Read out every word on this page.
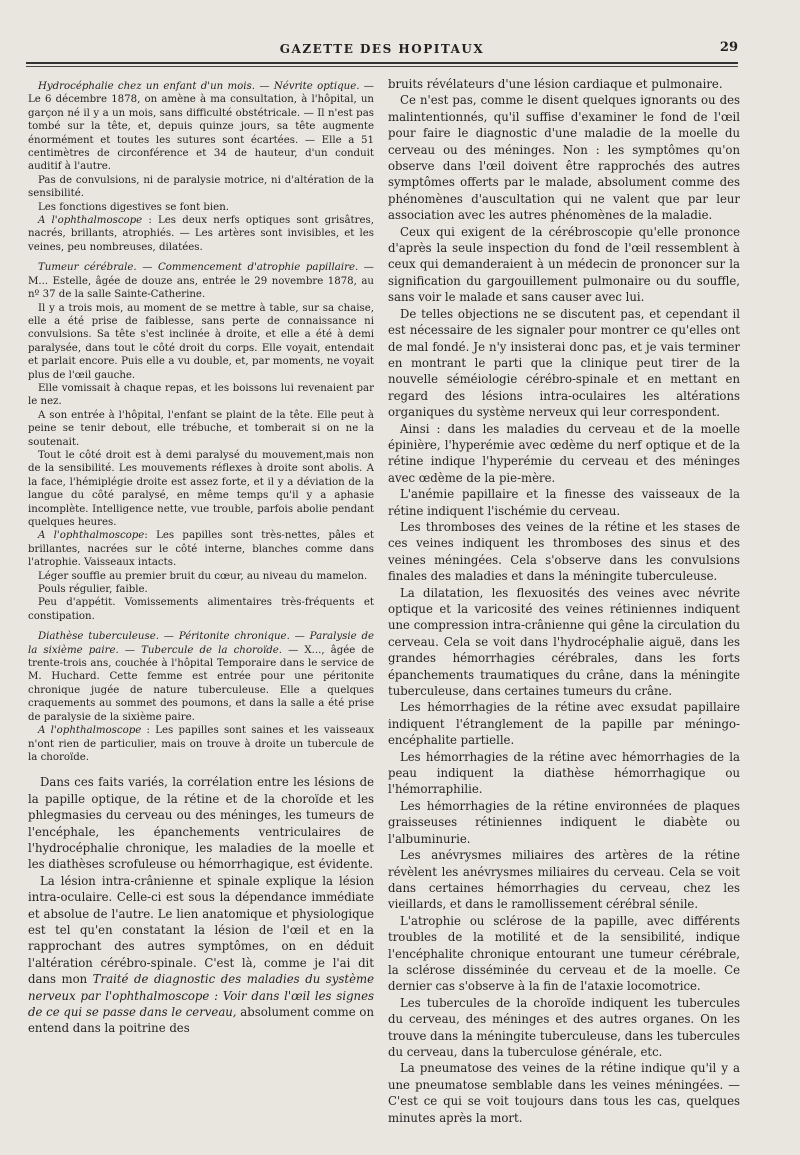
GAZETTE DES HOPITAUX	29

Hydrocéphalie chez un enfant d'un mois. — Névrite optique. — Le 6 décembre 1878, on amène à ma consultation, à l'hôpital, un garçon né il y a un mois, sans difficulté obstétricale. — Il n'est pas tombé sur la tête, et, depuis quinze jours, sa tête augmente énormément et toutes les sutures sont écartées. — Elle a 51 centimètres de circonférence et 34 de hauteur, d'un conduit auditif à l'autre.

Pas de convulsions, ni de paralysie motrice, ni d'altération de la sensibilité.

Les fonctions digestives se font bien.

A l'ophthalmoscope : Les deux nerfs optiques sont grisâtres, nacrés, brillants, atrophiés. — Les artères sont invisibles, et les veines, peu nombreuses, dilatées.

Tumeur cérébrale. — Commencement d'atrophie papillaire. — M... Estelle, âgée de douze ans, entrée le 29 novembre 1878, au nº 37 de la salle Sainte-Catherine.

Il y a trois mois, au moment de se mettre à table, sur sa chaise, elle a été prise de faiblesse, sans perte de connaissance ni convulsions. Sa tête s'est inclinée à droite, et elle a été à demi paralysée, dans tout le côté droit du corps. Elle voyait, entendait et parlait encore. Puis elle a vu double, et, par moments, ne voyait plus de l'œil gauche.

Elle vomissait à chaque repas, et les boissons lui revenaient par le nez.

A son entrée à l'hôpital, l'enfant se plaint de la tête. Elle peut à peine se tenir debout, elle trébuche, et tomberait si on ne la soutenait.

Tout le côté droit est à demi paralysé du mouvement,mais non de la sensibilité. Les mouvements réflexes à droite sont abolis. A la face, l'hémiplégie droite est assez forte, et il y a déviation de la langue du côté paralysé, en même temps qu'il y a aphasie incomplète. Intelligence nette, vue trouble, parfois abolie pendant quelques heures.

A l'ophthalmoscope: Les papilles sont très-nettes, pâles et brillantes, nacrées sur le côté interne, blanches comme dans l'atrophie. Vaisseaux intacts.

Léger souffle au premier bruit du cœur, au niveau du mamelon.

Pouls régulier, faible.

Peu d'appétit. Vomissements alimentaires très-fréquents et constipation.

Diathèse tuberculeuse. — Péritonite chronique. — Paralysie de la sixième paire. — Tubercule de la choroïde. — X..., âgée de trente-trois ans, couchée à l'hôpital Temporaire dans le service de M. Huchard. Cette femme est entrée pour une péritonite chronique jugée de nature tuberculeuse. Elle a quelques craquements au sommet des poumons, et dans la salle a été prise de paralysie de la sixième paire.

A l'ophthalmoscope : Les papilles sont saines et les vaisseaux n'ont rien de particulier, mais on trouve à droite un tubercule de la choroïde.

Dans ces faits variés, la corrélation entre les lésions de la papille optique, de la rétine et de la choroïde et les phlegmasies du cerveau ou des méninges, les tumeurs de l'encéphale, les épanchements ventriculaires de l'hydrocéphalie chronique, les maladies de la moelle et les diathèses scrofuleuse ou hémorrhagique, est évidente.

La lésion intra-crânienne et spinale explique la lésion intra-oculaire. Celle-ci est sous la dépendance immédiate et absolue de l'autre. Le lien anatomique et physiologique est tel qu'en constatant la lésion de l'œil et en la rapprochant des autres symptômes, on en déduit l'altération cérébro-spinale. C'est là, comme je l'ai dit dans mon Traité de diagnostic des maladies du système nerveux par l'ophthalmoscope : Voir dans l'œil les signes de ce qui se passe dans le cerveau, absolument comme on entend dans la poitrine des

bruits révélateurs d'une lésion cardiaque et pulmonaire.

Ce n'est pas, comme le disent quelques ignorants ou des malintentionnés, qu'il suffise d'examiner le fond de l'œil pour faire le diagnostic d'une maladie de la moelle du cerveau ou des méninges. Non : les symptômes qu'on observe dans l'œil doivent être rapprochés des autres symptômes offerts par le malade, absolument comme des phénomènes d'auscultation qui ne valent que par leur association avec les autres phénomènes de la maladie.

Ceux qui exigent de la cérébroscopie qu'elle prononce d'après la seule inspection du fond de l'œil ressemblent à ceux qui demanderaient à un médecin de prononcer sur la signification du gargouillement pulmonaire ou du souffle, sans voir le malade et sans causer avec lui.

De telles objections ne se discutent pas, et cependant il est nécessaire de les signaler pour montrer ce qu'elles ont de mal fondé. Je n'y insisterai donc pas, et je vais terminer en montrant le parti que la clinique peut tirer de la nouvelle séméiologie cérébro-spinale et en mettant en regard des lésions intra-oculaires les altérations organiques du système nerveux qui leur correspondent.

Ainsi : dans les maladies du cerveau et de la moelle épinière, l'hyperémie avec œdème du nerf optique et de la rétine indique l'hyperémie du cerveau et des méninges avec œdème de la pie-mère.

L'anémie papillaire et la finesse des vaisseaux de la rétine indiquent l'ischémie du cerveau.

Les thromboses des veines de la rétine et les stases de ces veines indiquent les thromboses des sinus et des veines méningées. Cela s'observe dans les convulsions finales des maladies et dans la méningite tuberculeuse.

La dilatation, les flexuosités des veines avec névrite optique et la varicosité des veines rétiniennes indiquent une compression intra-crânienne qui gêne la circulation du cerveau. Cela se voit dans l'hydrocéphalie aiguë, dans les grandes hémorrhagies cérébrales, dans les forts épanchements traumatiques du crâne, dans la méningite tuberculeuse, dans certaines tumeurs du crâne.

Les hémorrhagies de la rétine avec exsudat papillaire indiquent l'étranglement de la papille par méningo-encéphalite partielle.

Les hémorrhagies de la rétine avec hémorrhagies de la peau indiquent la diathèse hémorrhagique ou l'hémorraphilie.

Les hémorrhagies de la rétine environnées de plaques graisseuses rétiniennes indiquent le diabète ou l'albuminurie.

Les anévrysmes miliaires des artères de la rétine révèlent les anévrysmes miliaires du cerveau. Cela se voit dans certaines hémorrhagies du cerveau, chez les vieillards, et dans le ramollissement cérébral sénile.

L'atrophie ou sclérose de la papille, avec différents troubles de la motilité et de la sensibilité, indique l'encéphalite chronique entourant une tumeur cérébrale, la sclérose disséminée du cerveau et de la moelle. Ce dernier cas s'observe à la fin de l'ataxie locomotrice.

Les tubercules de la choroïde indiquent les tubercules du cerveau, des méninges et des autres organes. On les trouve dans la méningite tuberculeuse, dans les tubercules du cerveau, dans la tuberculose générale, etc.

La pneumatose des veines de la rétine indique qu'il y a une pneumatose semblable dans les veines méningées. — C'est ce qui se voit toujours dans tous les cas, quelques minutes après la mort.
